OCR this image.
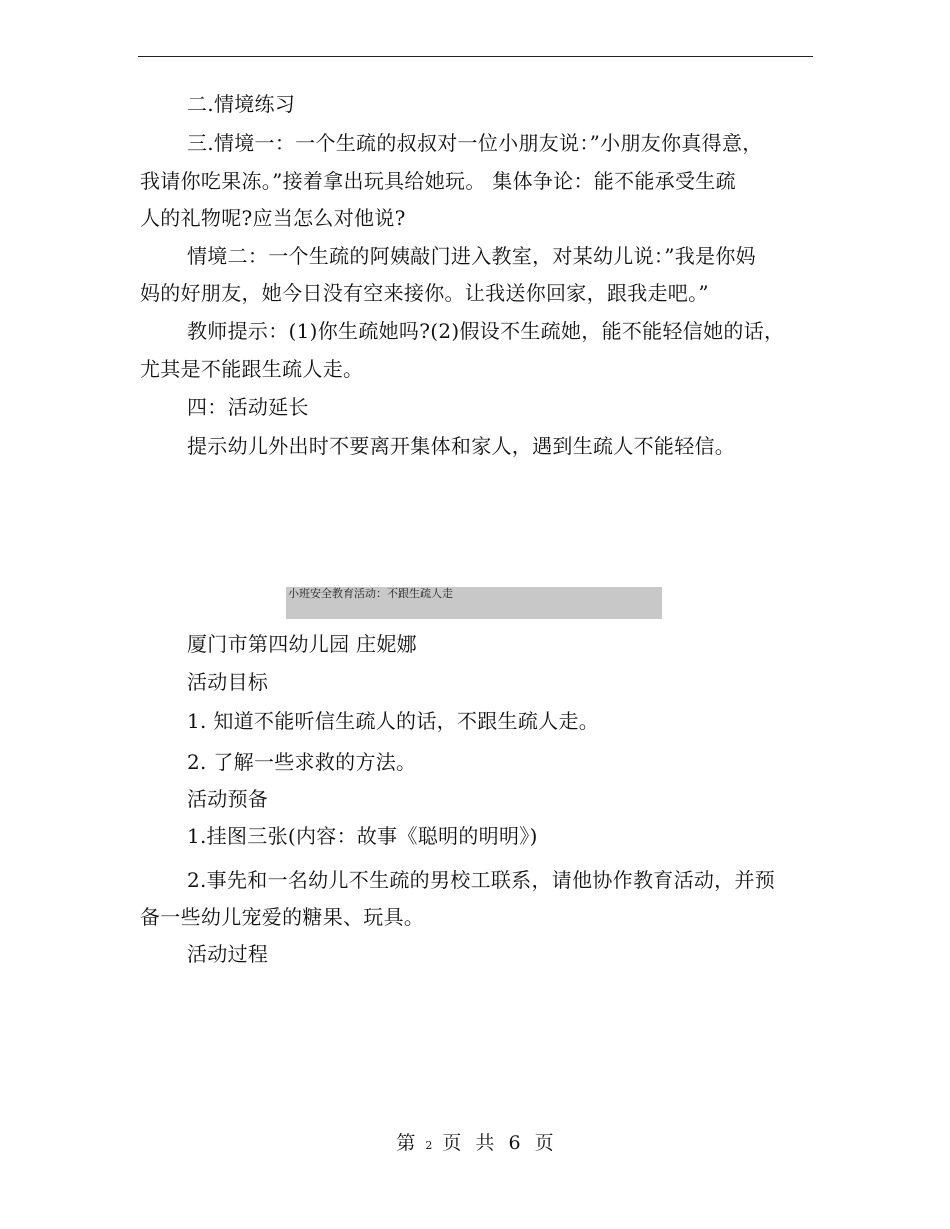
二.情境练习
三.情境一：一个生疏的叔叔对一位小朋友说：”小朋友你真得意，
我请你吃果冻。”接着拿出玩具给她玩。 集体争论：能不能承受生疏
人的礼物呢?应当怎么对他说?
情境二：一个生疏的阿姨敲门进入教室，对某幼儿说：”我是你妈
妈的好朋友，她今日没有空来接你。让我送你回家，跟我走吧。”
教师提示：(1)你生疏她吗?(2)假设不生疏她，能不能轻信她的话，
尤其是不能跟生疏人走。
四：活动延长
提示幼儿外出时不要离开集体和家人，遇到生疏人不能轻信。
小班安全教育活动：不跟生疏人走
厦门市第四幼儿园 庄妮娜
活动目标
1. 知道不能听信生疏人的话，不跟生疏人走。
2. 了解一些求救的方法。
活动预备
1.挂图三张(内容：故事《聪明的明明》)
2.事先和一名幼儿不生疏的男校工联系，请他协作教育活动，并预
备一些幼儿宠爱的糖果、玩具。
活动过程
第 2 页 共 6 页
